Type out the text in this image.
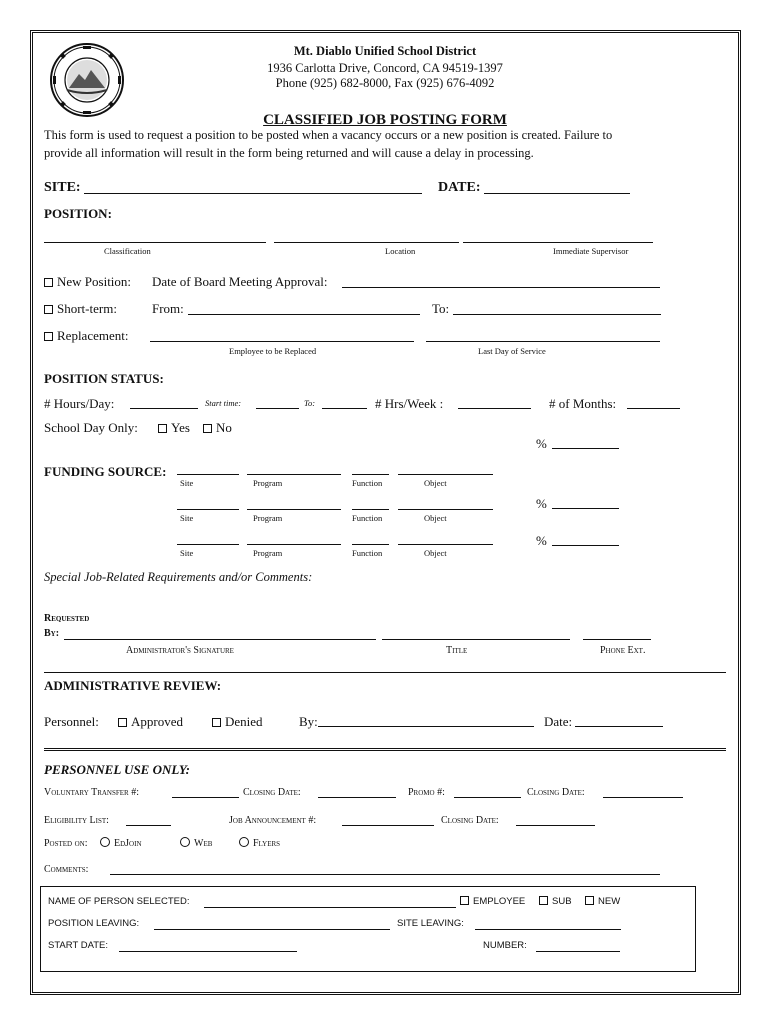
Mt. Diablo Unified School District
1936 Carlotta Drive, Concord, CA 94519-1397
Phone (925) 682-8000, Fax (925) 676-4092
CLASSIFIED JOB POSTING FORM
This form is used to request a position to be posted when a vacancy occurs or a new position is created. Failure to
provide all information will result in the form being returned and will cause a delay in processing.
SITE:	DATE:
POSITION:
Classification	Location	Immediate Supervisor
New Position: Date of Board Meeting Approval:
Short-term:	From:	To:
Replacement:
Employee to be Replaced	Last Day of Service
POSITION STATUS:
# Hours/Day:	Start time:	To:	# Hrs/Week :	# of Months:
School Day Only:	Yes	No
FUNDING SOURCE:
Site	Program	Function	Object
%
Site	Program	Function	Object
%
Site	Program	Function	Object
%
Special Job-Related Requirements and/or Comments:
Requested
By:
Administrator's Signature	Title	Phone Ext.
ADMINISTRATIVE REVIEW:
Personnel:	Approved	Denied	By:	Date:
PERSONNEL USE ONLY:
Voluntary Transfer #:	Closing Date:	Promo #:	Closing Date:
Eligibility List:	Job Announcement #:	Closing Date:
Posted on:	EdJoin	Web	Flyers
Comments:
NAME OF PERSON SELECTED:	EMPLOYEE	SUB	NEW
POSITION LEAVING:	SITE LEAVING:
START DATE:	NUMBER:
